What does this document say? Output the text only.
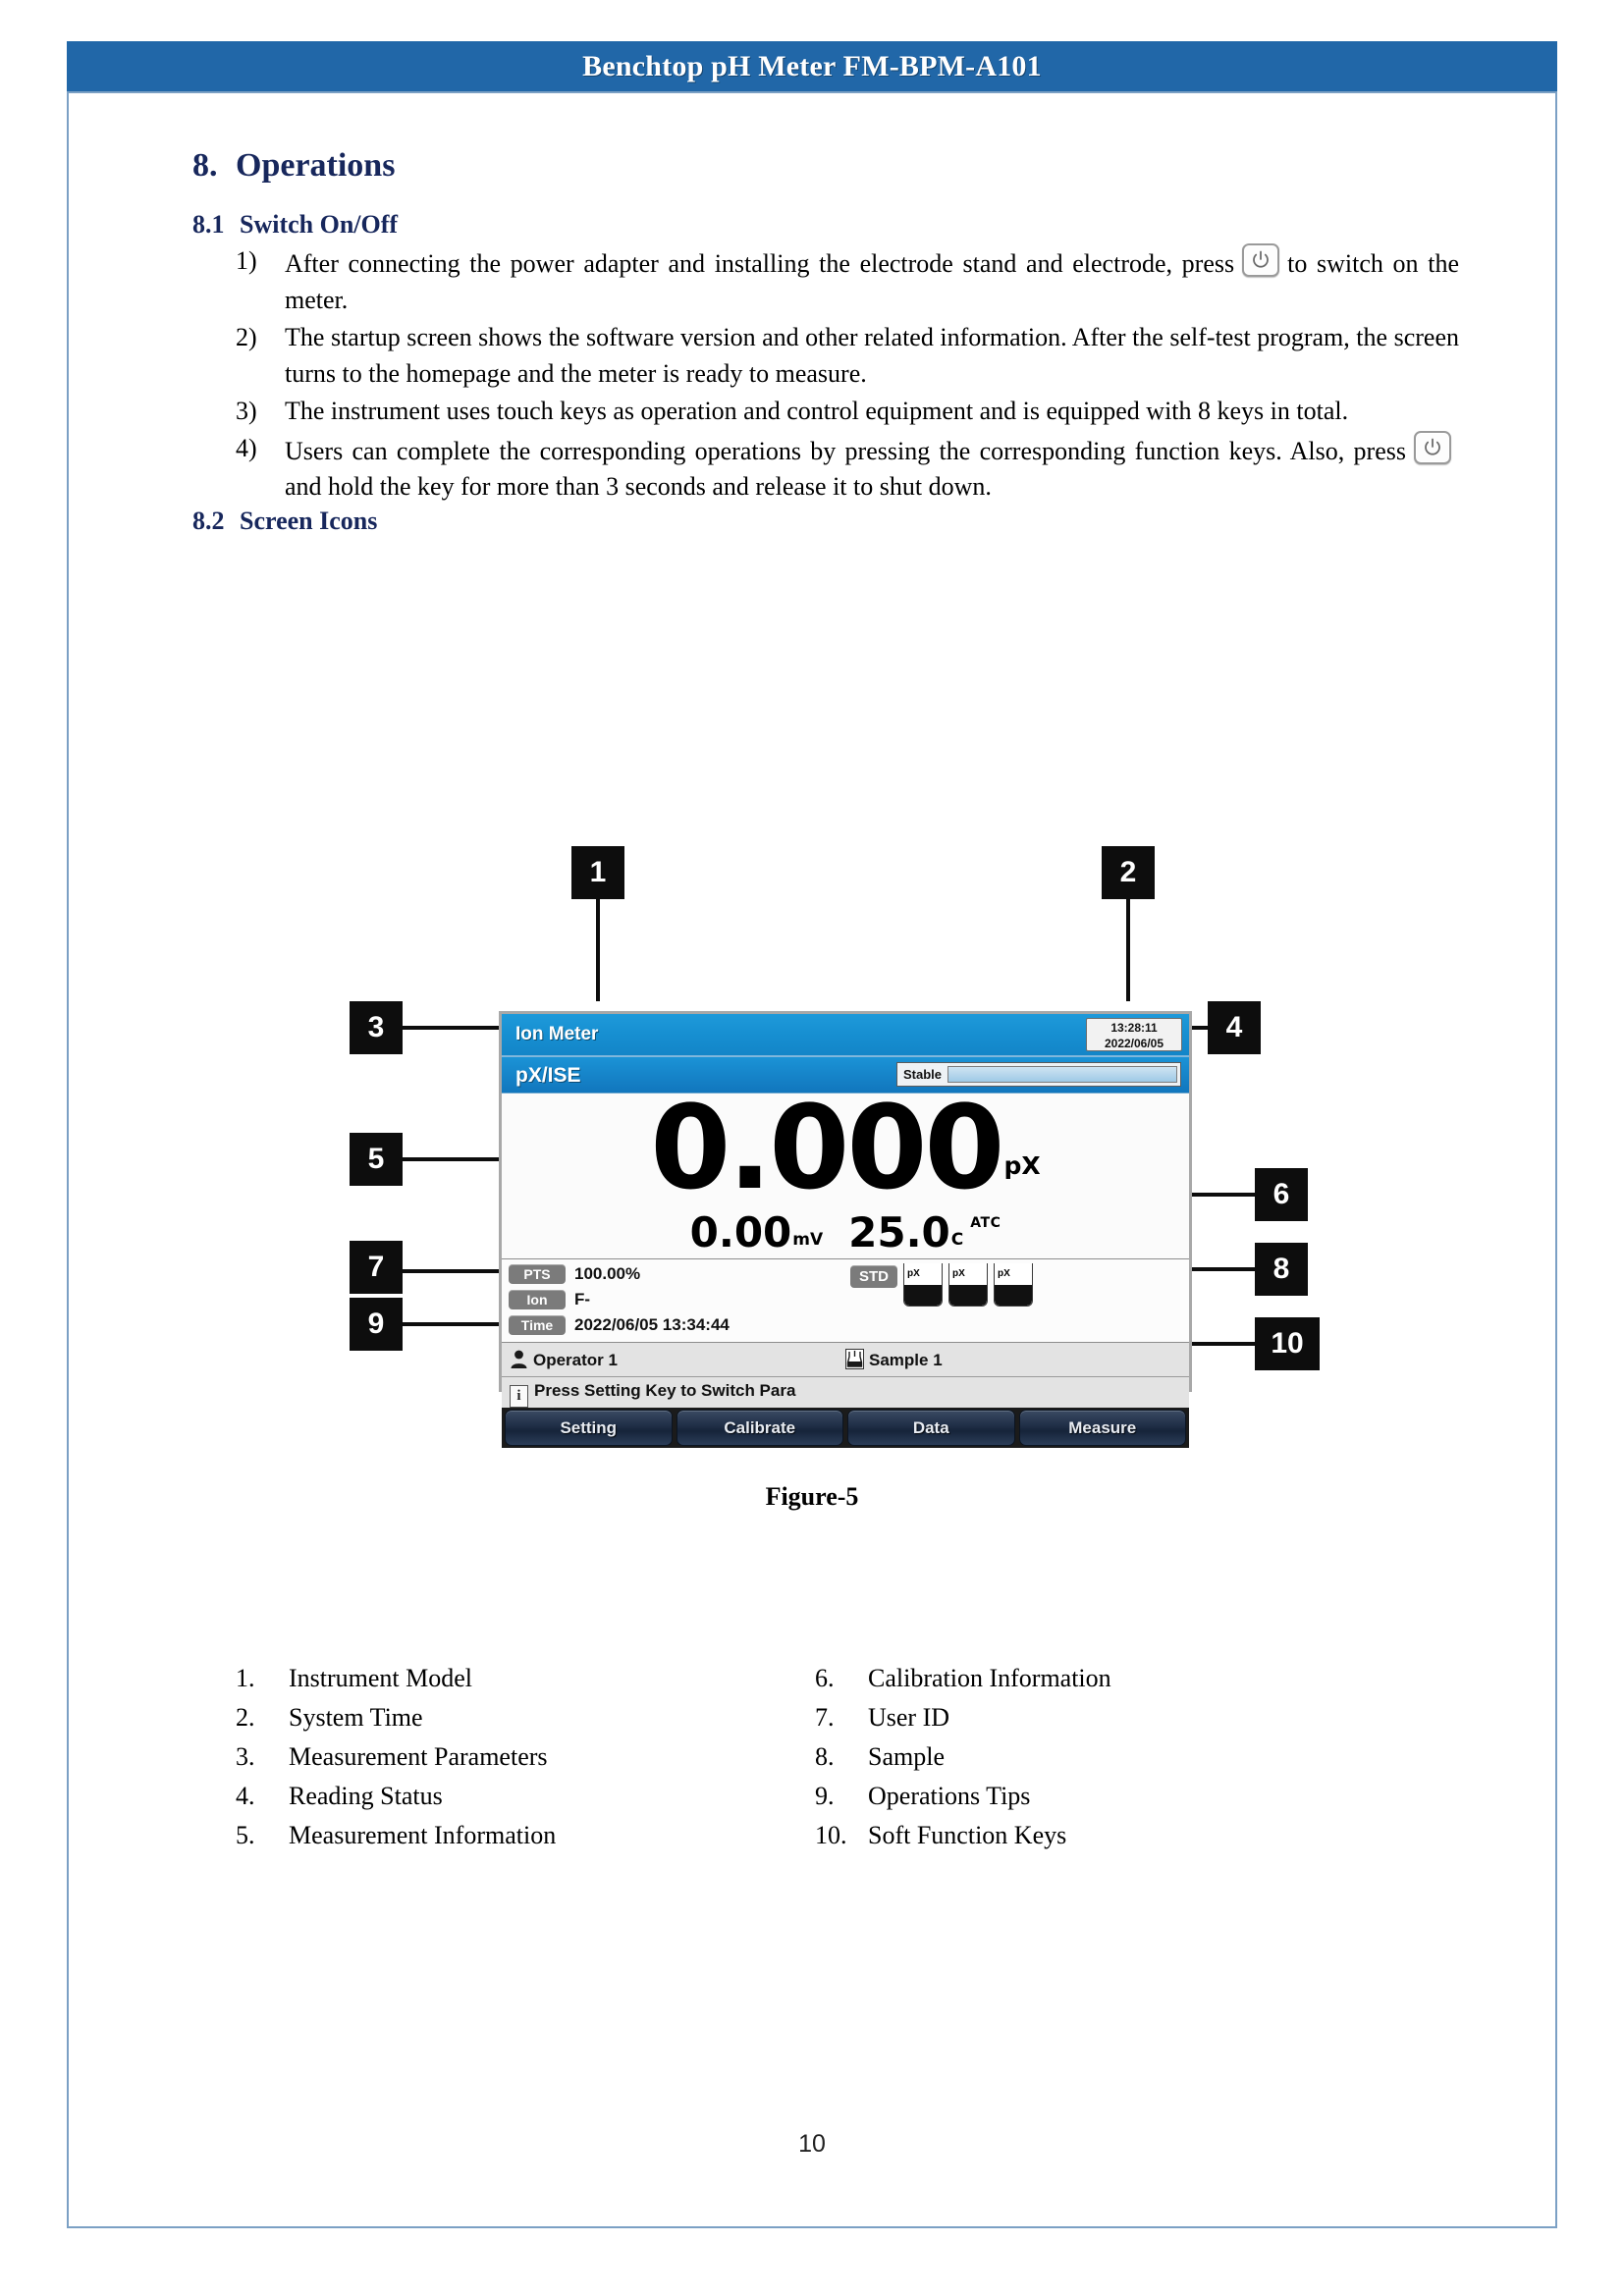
Benchtop pH Meter FM-BPM-A101
8. Operations
8.1 Switch On/Off
1)	After connecting the power adapter and installing the electrode stand and electrode, press to switch on the meter.
2)	The startup screen shows the software version and other related information. After the self-test program, the screen turns to the homepage and the meter is ready to measure.
3)	The instrument uses touch keys as operation and control equipment and is equipped with 8 keys in total.
4)	Users can complete the corresponding operations by pressing the corresponding function keys. Also, press
and hold the key for more than 3 seconds and release it to shut down.
8.2 Screen Icons
1	2
3	4
5
6
7	8
9
10
Ion Meter	13:28:11
2022/06/05
pX/ISE	Stable
0.000pX
0.00mV $25.0C^{ATC}$
PTS	100.00%
Ion	F-
Time	2022/06/05 13:34:44
STD	pX	pX	pX
Operator 1	Sample 1
i Press Setting Key to Switch Para
Setting	Calibrate	Data	Measure
Figure-5
1.	Instrument Model
2.	System Time
3.	Measurement Parameters
4.	Reading Status
5.	Measurement Information
6.	Calibration Information
7.	User ID
8.	Sample
9.	Operations Tips
10. Soft Function Keys
10
